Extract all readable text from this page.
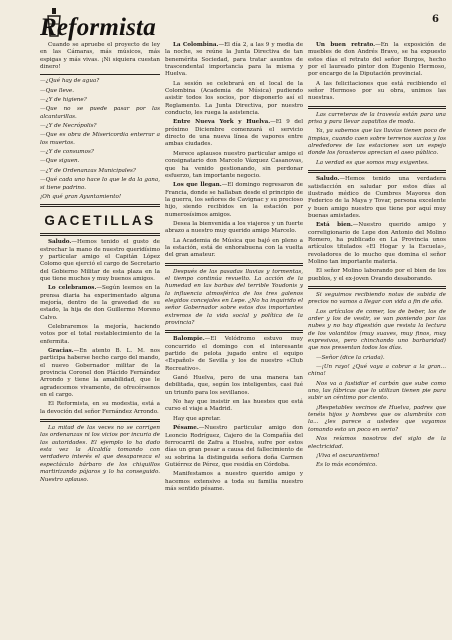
Reformista	6

Cuando se apruebe el proyecto de ley en las Cámaras, más músicos, más espigas y más vivas. ¡Ni siquiera cuestan dinero!

—¿Qué hay de agua?

—Que lleve.

—¿Y de higiene?

—Que no se puede pasar por las alcantarillas.

—¿Y de Necrópolis?

—Que es obra de Misericordia enterrar a los muertos.

—¿Y de consumos?

—Que siguen.

—¿Y de Ordenanzas Municipales?

—Qué cada uno hace lo que le da la gana, si tiene padrino.

¡Oh qué gran Ayuntamiento!

GACETILLAS

Saludo.—Hemos tenido el gusto de estrechar la mano de nuestro queridísimo y particular amigo el Capitán López Colomo que ejerció el cargo de Secretario del Gobierno Militar de esta plaza en la que tiene muchos y muy buenos amigos.

Lo celebramos.—Según leemos en la prensa diaria ha experimentado alguna mejoría, dentro de la gravedad de su estado, la hija de don Guillermo Moreno Calvo.

Celebraremos la mejoría, haciendo votos por el total restablecimiento de la enfermita.

Gracias.—En atento B. L. M. nos participa haberse hecho cargo del mando, el nuevo Gobernador militar de la provincia Coronel don Plácido Fernández Arrondo y tiene la amabilidad, que le agradecemos vivamente, de ofrecérsenos en el cargo.

El Reformista, en su modestia, está a la devoción del señor Fernández Arrondo.

La mitad de las veces no se corrigen las ordenanzas ni los vicios por incuria de las autoridades. El ejemplo lo ha dado esta vez la Alcaldía tomando con verdadero interés el que desaparezca el espectáculo bárbaro de los chiquillos martirizando pájaros y lo ha conseguido. Nuestro aplauso.

La Colombina.—El día 2, a las 9 y media de la noche, se reúne la Junta Directiva de tan benemérita Sociedad, para tratar asuntos de trascendental importancia para la misma y Huelva.

La sesión se celebrará en el local de la Colombina (Academia de Música) pudiendo asistir todos los socios, por disponerlo así el Reglamento. La Junta Directiva, por nuestro conducto, les ruega la asistencia.

Entre Nueva York y Huelva.—El 9 del próximo Diciembre comenzará el servicio directo de una nueva línea de vapores entre ambas ciudades.

Merece aplausos nuestro particular amigo el consignatario don Marcelo Vázquez Casanovas, que ha venido gestionando, sin perdonar esfuerzo, tan importante negocio.

Los que llegan.—El domingo regresaron de Francia, donde se hallaban desde el principio de la guerra, los señores de Cavignac y su precioso hijo, siendo recibidos en la estación por numerosísimos amigos.

Desea la bienvenida a los viajeros y un fuerte abrazo a nuestro muy querido amigo Marcelo.

La Academia de Música que bajó en pleno a la estación, está de enhorabuena con la vuelta del gran amateur.

Después de las pasadas lluvias y tormentas, el tiempo continúa revuelto. La acción de la humedad en las barbas del terrible Youdonis y la influencia atmosférica de los tres galenos elegidos concejales en Lepe. ¿No ha inquirido el señor Gobernador sobre estos dos importantes extremos de la vida social y política de la provincia?

Balompie.—El Velódromo estuvo muy concurrido el domingo con el interesante partido de pelota jugado entre el equipo «Español» de Sevilla y los de nuestro «Club Recreativo».

Ganó Huelva, pero de una manera tan debilitada, que, según los inteligentes, casi fué un triunfo para los sevillanos.

No hay que insistir en las huestes que está curso el viaje a Madrid.

Hay que apretar.

Pésame.—Nuestro particular amigo don Leoncio Rodríguez, Cajero de la Compañía del ferrocarril de Zafra a Huelva, sufre por estos días un gran pesar a causa del fallecimiento de su sobrina la distinguida señora doña Carmen Gutiérrez de Pérez, que residía en Córdoba.

Manifestamos a nuestro querido amigo y hacemos extensivo a toda su familia nuestro más sentido pésame.

Un buen retrato.—En la exposición de muebles de don Andrés Bravo, se ha expuesto estos días el retrato del señor Burgos, hecho por el laureado pintor don Eugenio Hermoso, por encargo de la Diputación provincial.

A las felicitaciones que está recibiendo el señor Hermoso por su obra, unimos las nuestras.

Las carreteras de la travesía están para una prisa y para llevar zapatitos de moda.

Ya, ya sabemos que las lluvias tienen poco de limpias, cuando caen sobre terrenos sucios y los alrededores de las estaciones son un espejo donde los forasteros aprecian el aseo público.

La verdad es que somos muy exigentes.

Saludo.—Hemos tenido una verdadera satisfacción en saludar por estos días al ilustrado médico de Cumbres Mayores don Federico de la Maya y Tovar, persona excelente y buen amigo nuestro que tiene por aquí muy buenas amistades.

Está bien.—Nuestro querido amigo y correligionario de Lepe don Antonio del Molino Romero, ha publicado en La Provincia unos artículos titulados «El Hogar y la Escuela», revoladores de lo mucho que domina el señor Molino tan importante materia.

El señor Molino laborando por el bien de los pueblos, y el ex-joven Ovando desaborando.

Si seguimos recibiendo notas de subida de precios no vamos a llegar con vida a fin de año.

Los artículos de comer, los de beber, los de arder y los de vestir, se van poniendo por las nubes y no hay digestión que resista la lectura de los volantitos (muy suaves, muy finos, muy expresivos, pero chinchando uno barbaridad) que nos presentan todos los días.

—Señor (dice la criada).

—¡Un rayo! ¿Qué vaya a cobrar a la gran... china!

Nos va a fastidiar el carbón que sube como uno, las fábricas que lo utilizan tienen pie para subir un céntimo por ciento.

¡Respetables vecinos de Huelva, padres que tenéis hijos y hombres que os alumbráis con la... ¿les parece a ustedes que vayamos tomando esto un poco en serio?

Nos reíamos nosotros del siglo de la electricidad.

¡Viva el oscurantismo!

Es lo más económico.
